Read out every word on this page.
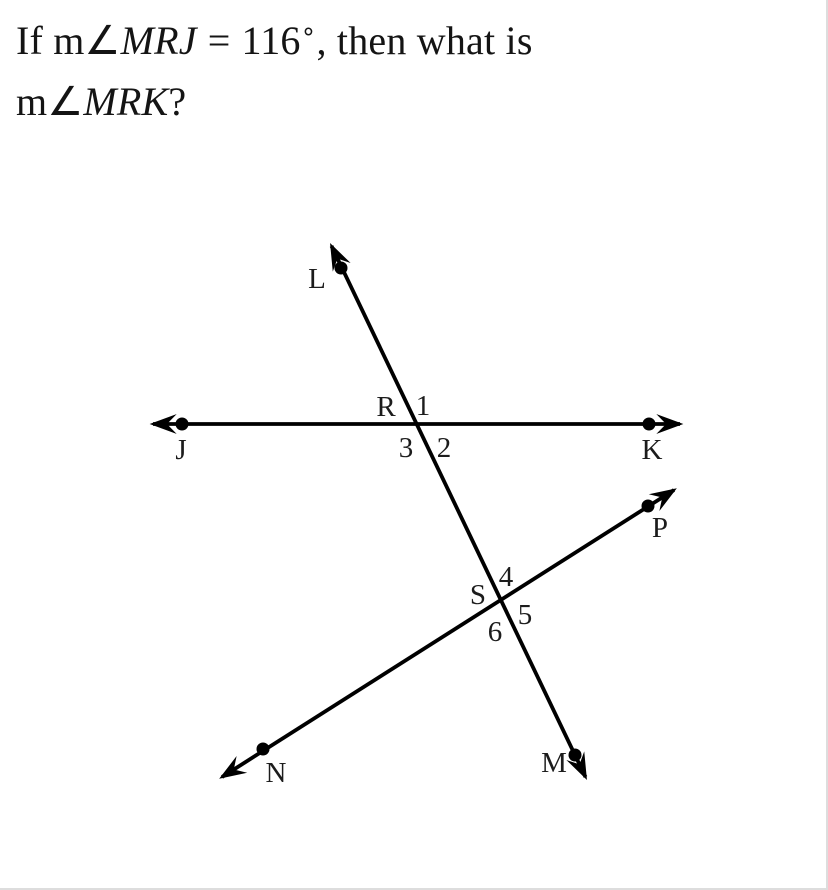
If m∠MRJ = 116∘, then what is
m∠MRK?
L
J
R
K
S
P
N	M
1
2
3
4
5
6
